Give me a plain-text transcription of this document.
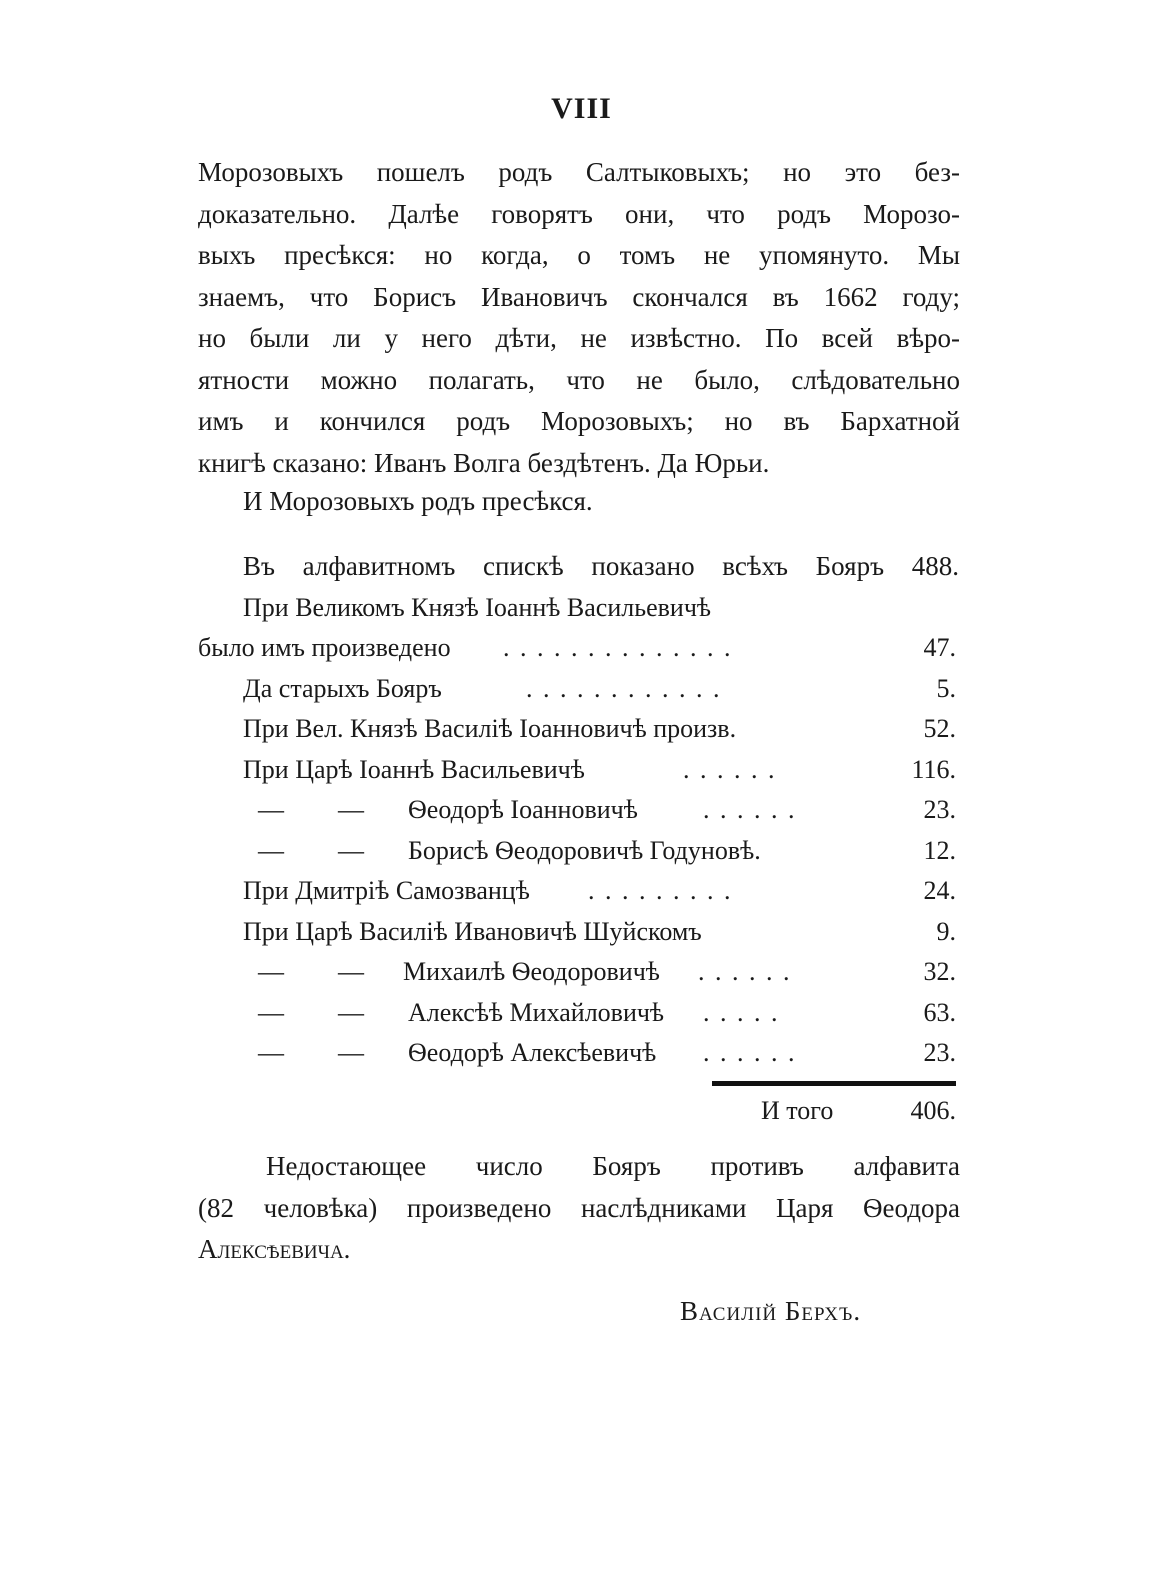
VIII
Морозовыхъ пошелъ родъ Салтыковыхъ; но это без-
доказательно. Далѣе говорятъ они, что родъ Морозо-
выхъ пресѣкся: но когда, о томъ не упомянуто. Мы
знаемъ, что Борисъ Ивановичъ скончался въ 1662 году;
но были ли у него дѣти, не извѣстно. По всей вѣро-
ятности можно полагать, что не было, слѣдовательно
имъ и кончился родъ Морозовыхъ; но въ Бархатной
книгѣ сказано: Иванъ Волга бездѣтенъ. Да Юрьи.
И Морозовыхъ родъ пресѣкся.
Въ алфавитномъ спискѣ показано всѣхъ Бояръ 488.
При Великомъ Князѣ Іоаннѣ Васильевичѣ
было имъ произведено . . . . . . . . . . . . . .	47.
Да старыхъ Бояръ	. . . . . . . . . . . .	5.
При Вел. Князѣ Василіѣ Іоанновичѣ произв.	52.
При Царѣ Іоаннѣ Васильевичѣ	. . . . . .	116.
— — Ѳеодорѣ Іоанновичѣ	. . . . . .	23.
— — Борисѣ Ѳеодоровичѣ Годуновѣ.	12.
При Дмитріѣ Самозванцѣ . . . . . . . . .	24.
При Царѣ Василіѣ Ивановичѣ Шуйскомъ	9.
— — Михаилѣ Ѳеодоровичѣ . . . . . .	32.
— — Алексѣѣ Михайловичѣ . . . . .	63.
— — Ѳеодорѣ Алексѣевичѣ . . . . . .	23.
И того	406.
Недостающее число Бояръ противъ алфавита
(82 человѣка) произведено наслѣдниками Царя Ѳеодора
Алексѣевича.
Василій Берхъ.
